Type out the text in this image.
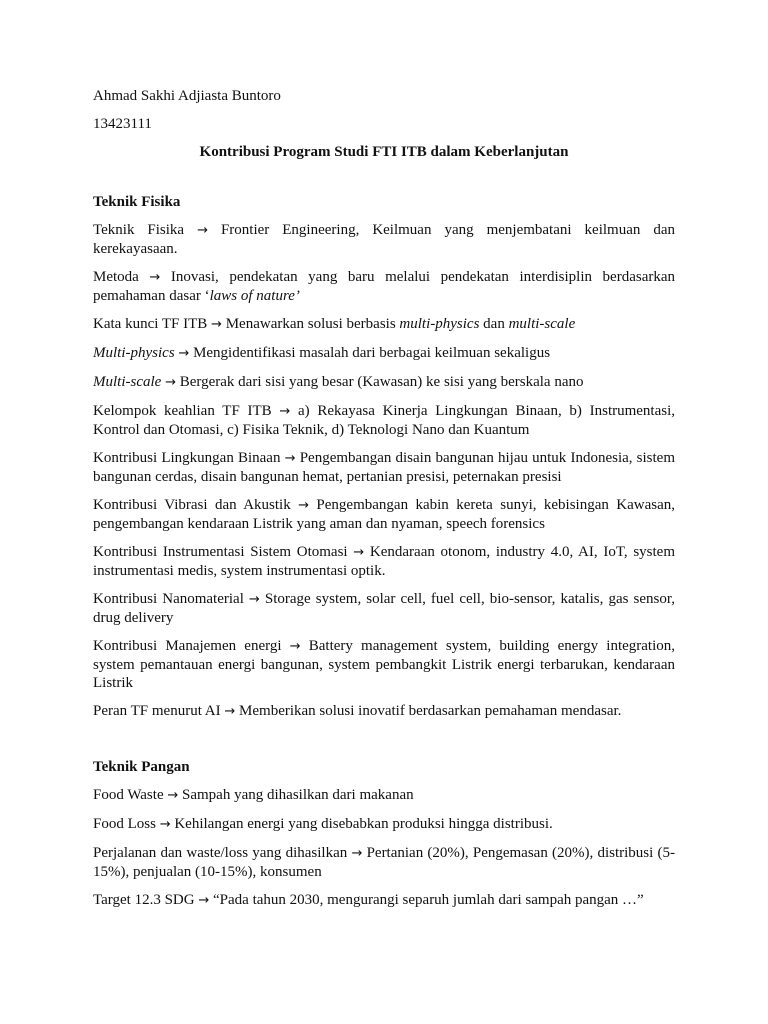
Ahmad Sakhi Adjiasta Buntoro
13423111
Kontribusi Program Studi FTI ITB dalam Keberlanjutan
Teknik Fisika
Teknik Fisika → Frontier Engineering, Keilmuan yang menjembatani keilmuan dan kerekayasaan.
Metoda → Inovasi, pendekatan yang baru melalui pendekatan interdisiplin berdasarkan pemahaman dasar ‘laws of nature’
Kata kunci TF ITB → Menawarkan solusi berbasis multi-physics dan multi-scale
Multi-physics → Mengidentifikasi masalah dari berbagai keilmuan sekaligus
Multi-scale → Bergerak dari sisi yang besar (Kawasan) ke sisi yang berskala nano
Kelompok keahlian TF ITB → a) Rekayasa Kinerja Lingkungan Binaan, b) Instrumentasi, Kontrol dan Otomasi, c) Fisika Teknik, d) Teknologi Nano dan Kuantum
Kontribusi Lingkungan Binaan → Pengembangan disain bangunan hijau untuk Indonesia, sistem bangunan cerdas, disain bangunan hemat, pertanian presisi, peternakan presisi
Kontribusi Vibrasi dan Akustik → Pengembangan kabin kereta sunyi, kebisingan Kawasan, pengembangan kendaraan Listrik yang aman dan nyaman, speech forensics
Kontribusi Instrumentasi Sistem Otomasi → Kendaraan otonom, industry 4.0, AI, IoT, system instrumentasi medis, system instrumentasi optik.
Kontribusi Nanomaterial → Storage system, solar cell, fuel cell, bio-sensor, katalis, gas sensor, drug delivery
Kontribusi Manajemen energi → Battery management system, building energy integration, system pemantauan energi bangunan, system pembangkit Listrik energi terbarukan, kendaraan Listrik
Peran TF menurut AI → Memberikan solusi inovatif berdasarkan pemahaman mendasar.
Teknik Pangan
Food Waste → Sampah yang dihasilkan dari makanan
Food Loss → Kehilangan energi yang disebabkan produksi hingga distribusi.
Perjalanan dan waste/loss yang dihasilkan → Pertanian (20%), Pengemasan (20%), distribusi (5-15%), penjualan (10-15%), konsumen
Target 12.3 SDG → “Pada tahun 2030, mengurangi separuh jumlah dari sampah pangan …”
